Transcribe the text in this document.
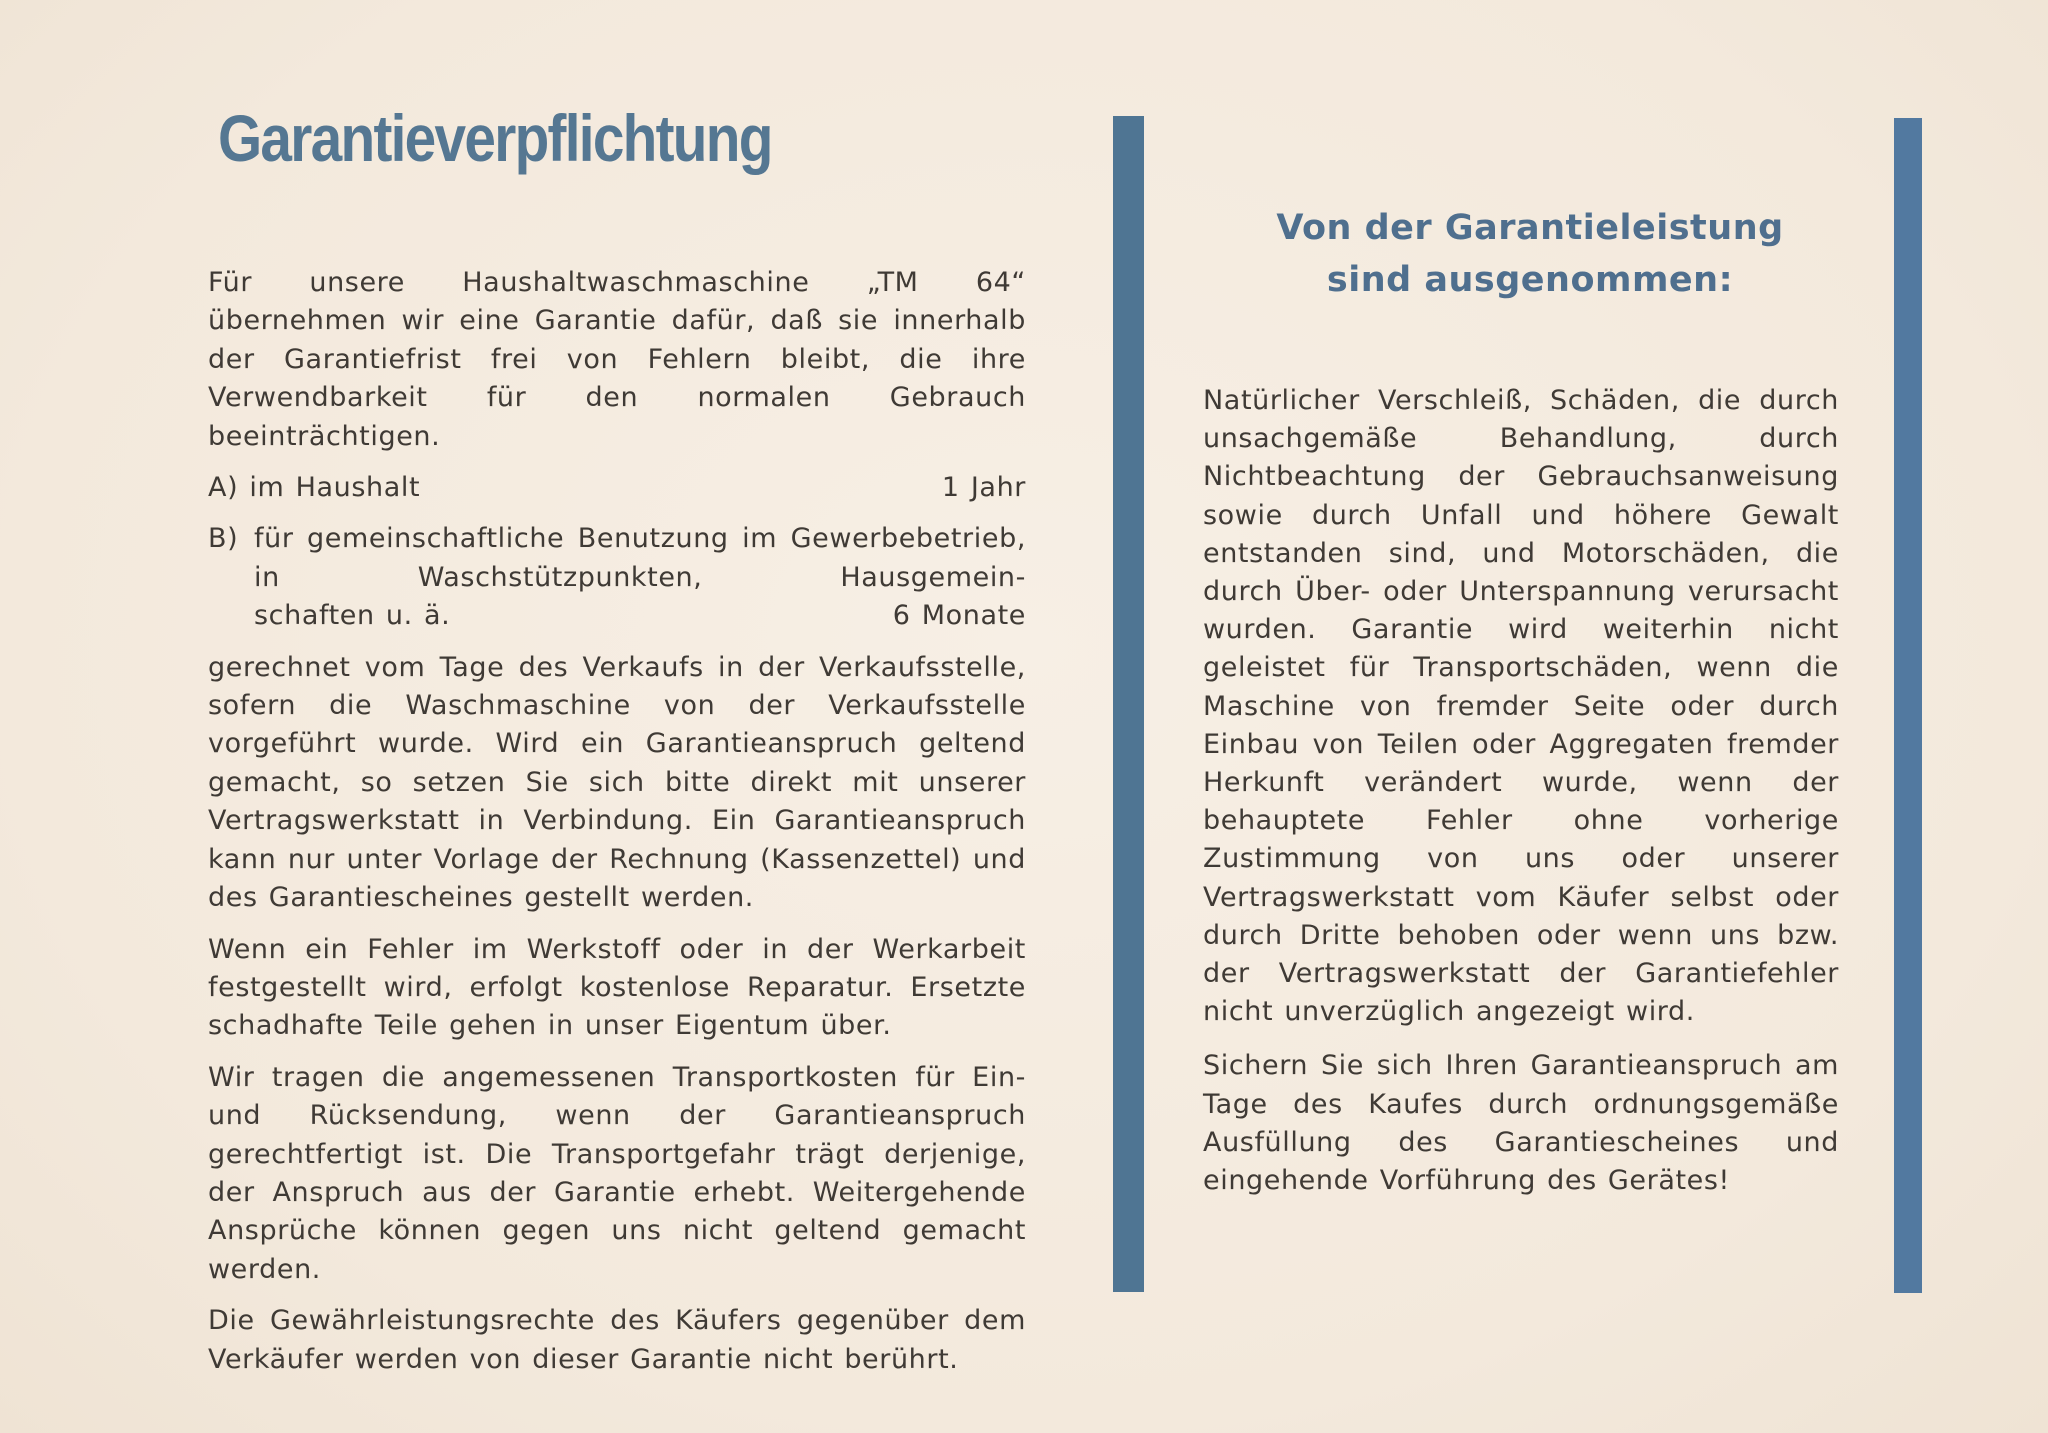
Garantieverpflichtung

Für unsere Haushaltwaschmaschine „TM 64“ übernehmen wir eine Garantie dafür, daß sie innerhalb der Garantiefrist frei von Fehlern bleibt, die ihre Verwendbarkeit für den normalen Gebrauch beeinträchtigen.

A) im Haushalt	1 Jahr
B) für gemeinschaftliche Benutzung im Gewerbebetrieb, in Waschstützpunkten, Hausgemein-
schaften u. ä.	6 Monate

gerechnet vom Tage des Verkaufs in der Verkaufsstelle, sofern die Waschmaschine von der Verkaufsstelle vorgeführt wurde. Wird ein Garantieanspruch geltend gemacht, so setzen Sie sich bitte direkt mit unserer Vertragswerkstatt in Verbindung. Ein Garantieanspruch kann nur unter Vorlage der Rechnung (Kassenzettel) und des Garantiescheines gestellt werden.

Wenn ein Fehler im Werkstoff oder in der Werkarbeit festgestellt wird, erfolgt kostenlose Reparatur. Ersetzte schadhafte Teile gehen in unser Eigentum über.

Wir tragen die angemessenen Transportkosten für Ein- und Rücksendung, wenn der Garantieanspruch gerechtfertigt ist. Die Transportgefahr trägt derjenige, der Anspruch aus der Garantie erhebt. Weitergehende Ansprüche können gegen uns nicht geltend gemacht werden.

Die Gewährleistungsrechte des Käufers gegenüber dem Verkäufer werden von dieser Garantie nicht berührt.

Von der Garantieleistung
sind ausgenommen:

Natürlicher Verschleiß, Schäden, die durch unsachgemäße Behandlung, durch Nichtbeachtung der Gebrauchsanweisung sowie durch Unfall und höhere Gewalt entstanden sind, und Motorschäden, die durch Über- oder Unterspannung verursacht wurden. Garantie wird weiterhin nicht geleistet für Transportschäden, wenn die Maschine von fremder Seite oder durch Einbau von Teilen oder Aggregaten fremder Herkunft verändert wurde, wenn der behauptete Fehler ohne vorherige Zustimmung von uns oder unserer Vertragswerkstatt vom Käufer selbst oder durch Dritte behoben oder wenn uns bzw. der Vertragswerkstatt der Garantiefehler nicht unverzüglich angezeigt wird.

Sichern Sie sich Ihren Garantieanspruch am Tage des Kaufes durch ordnungsgemäße Ausfüllung des Garantiescheines und eingehende Vorführung des Gerätes!
